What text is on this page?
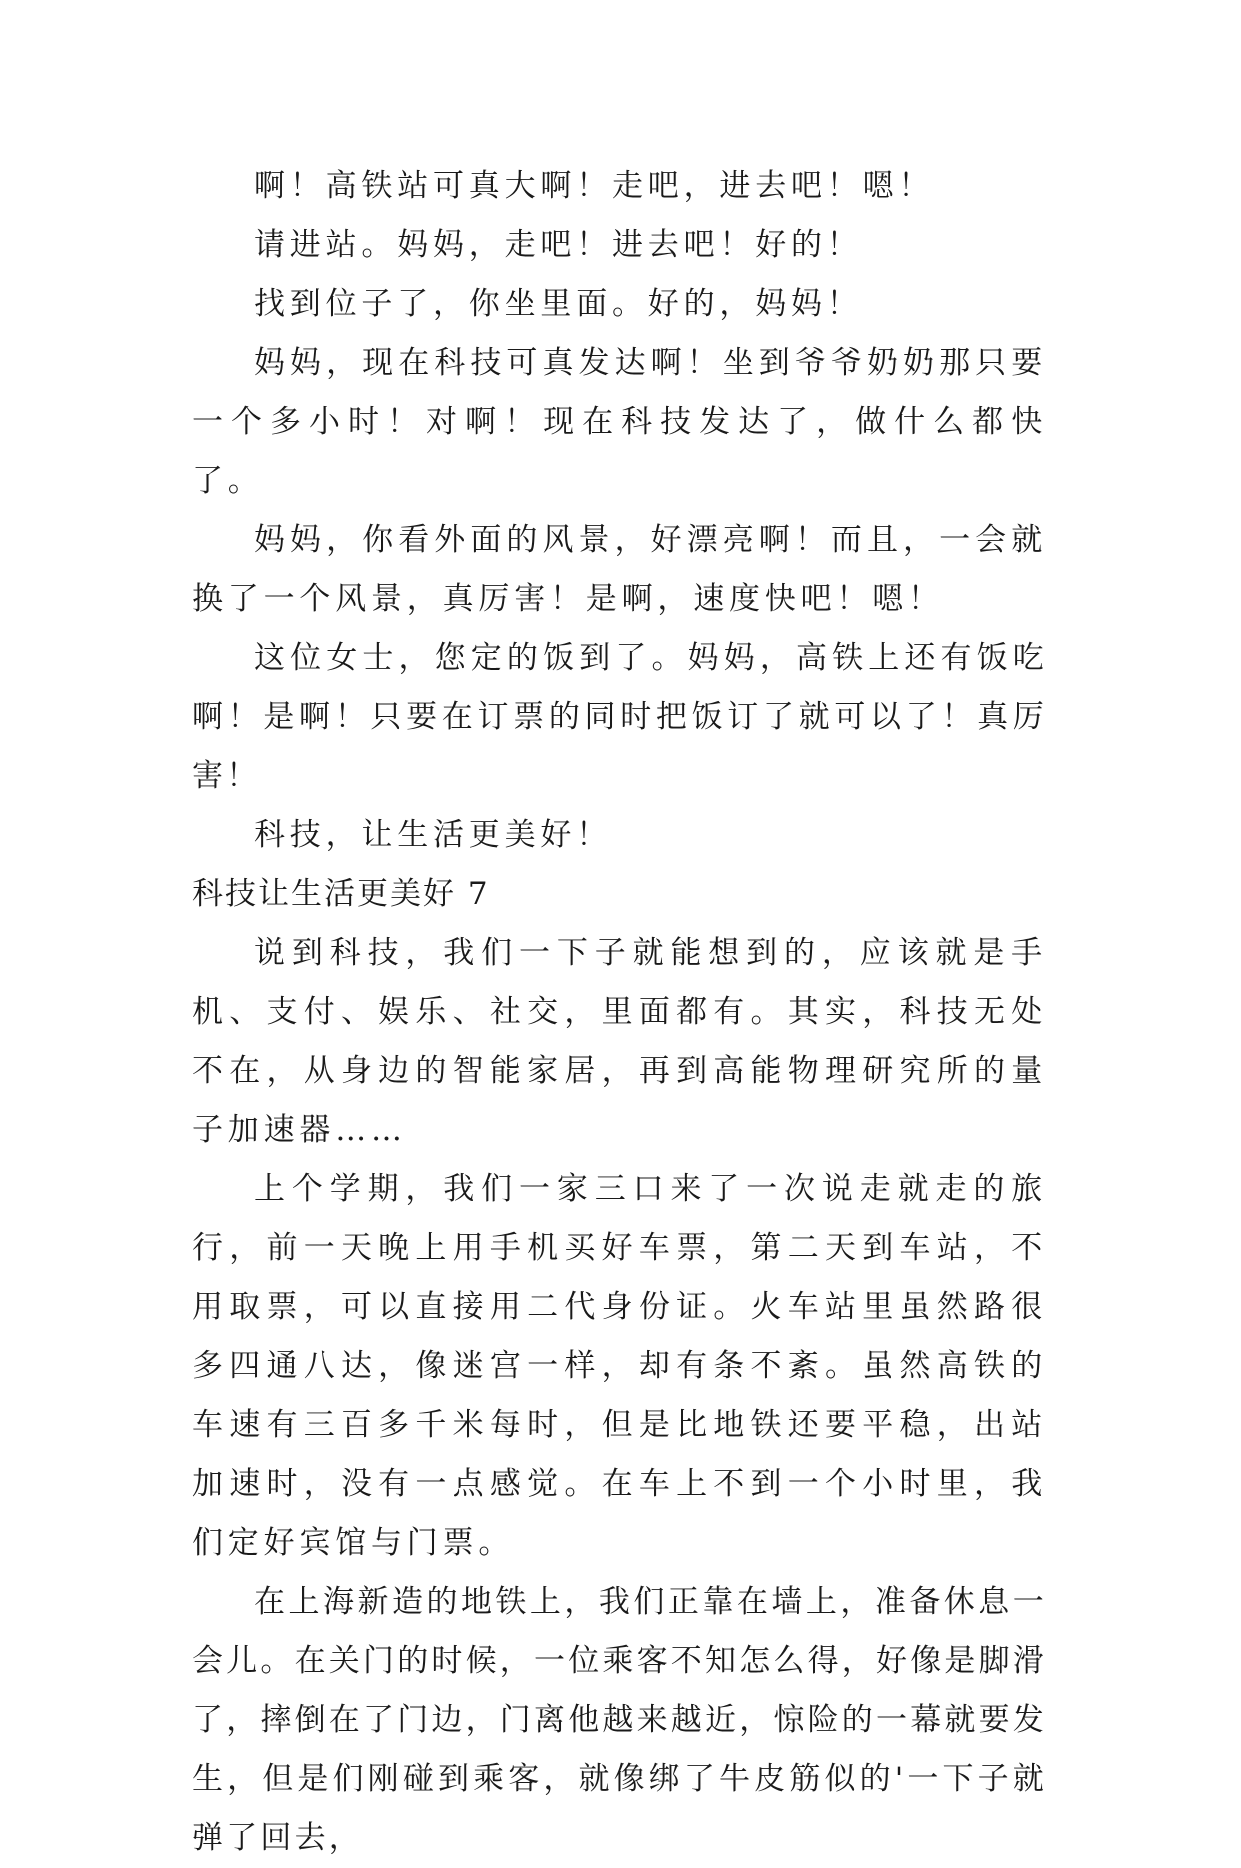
啊！高铁站可真大啊！走吧，进去吧！嗯！

请进站。妈妈，走吧！进去吧！好的！

找到位子了，你坐里面。好的，妈妈！

妈妈，现在科技可真发达啊！坐到爷爷奶奶那只要一个多小时！对啊！现在科技发达了，做什么都快了。

妈妈，你看外面的风景，好漂亮啊！而且，一会就换了一个风景，真厉害！是啊，速度快吧！嗯！

这位女士，您定的饭到了。妈妈，高铁上还有饭吃啊！是啊！只要在订票的同时把饭订了就可以了！真厉害！

科技，让生活更美好！

科技让生活更美好 7

说到科技，我们一下子就能想到的，应该就是手机、支付、娱乐、社交，里面都有。其实，科技无处不在，从身边的智能家居，再到高能物理研究所的量子加速器……

上个学期，我们一家三口来了一次说走就走的旅行，前一天晚上用手机买好车票，第二天到车站，不用取票，可以直接用二代身份证。火车站里虽然路很多四通八达，像迷宫一样，却有条不紊。虽然高铁的车速有三百多千米每时，但是比地铁还要平稳，出站加速时，没有一点感觉。在车上不到一个小时里，我们定好宾馆与门票。

在上海新造的地铁上，我们正靠在墙上，准备休息一会儿。在关门的时候，一位乘客不知怎么得，好像是脚滑了，摔倒在了门边，门离他越来越近，惊险的一幕就要发生，但是们刚碰到乘客，就像绑了牛皮筋似的'一下子就弹了回去，
